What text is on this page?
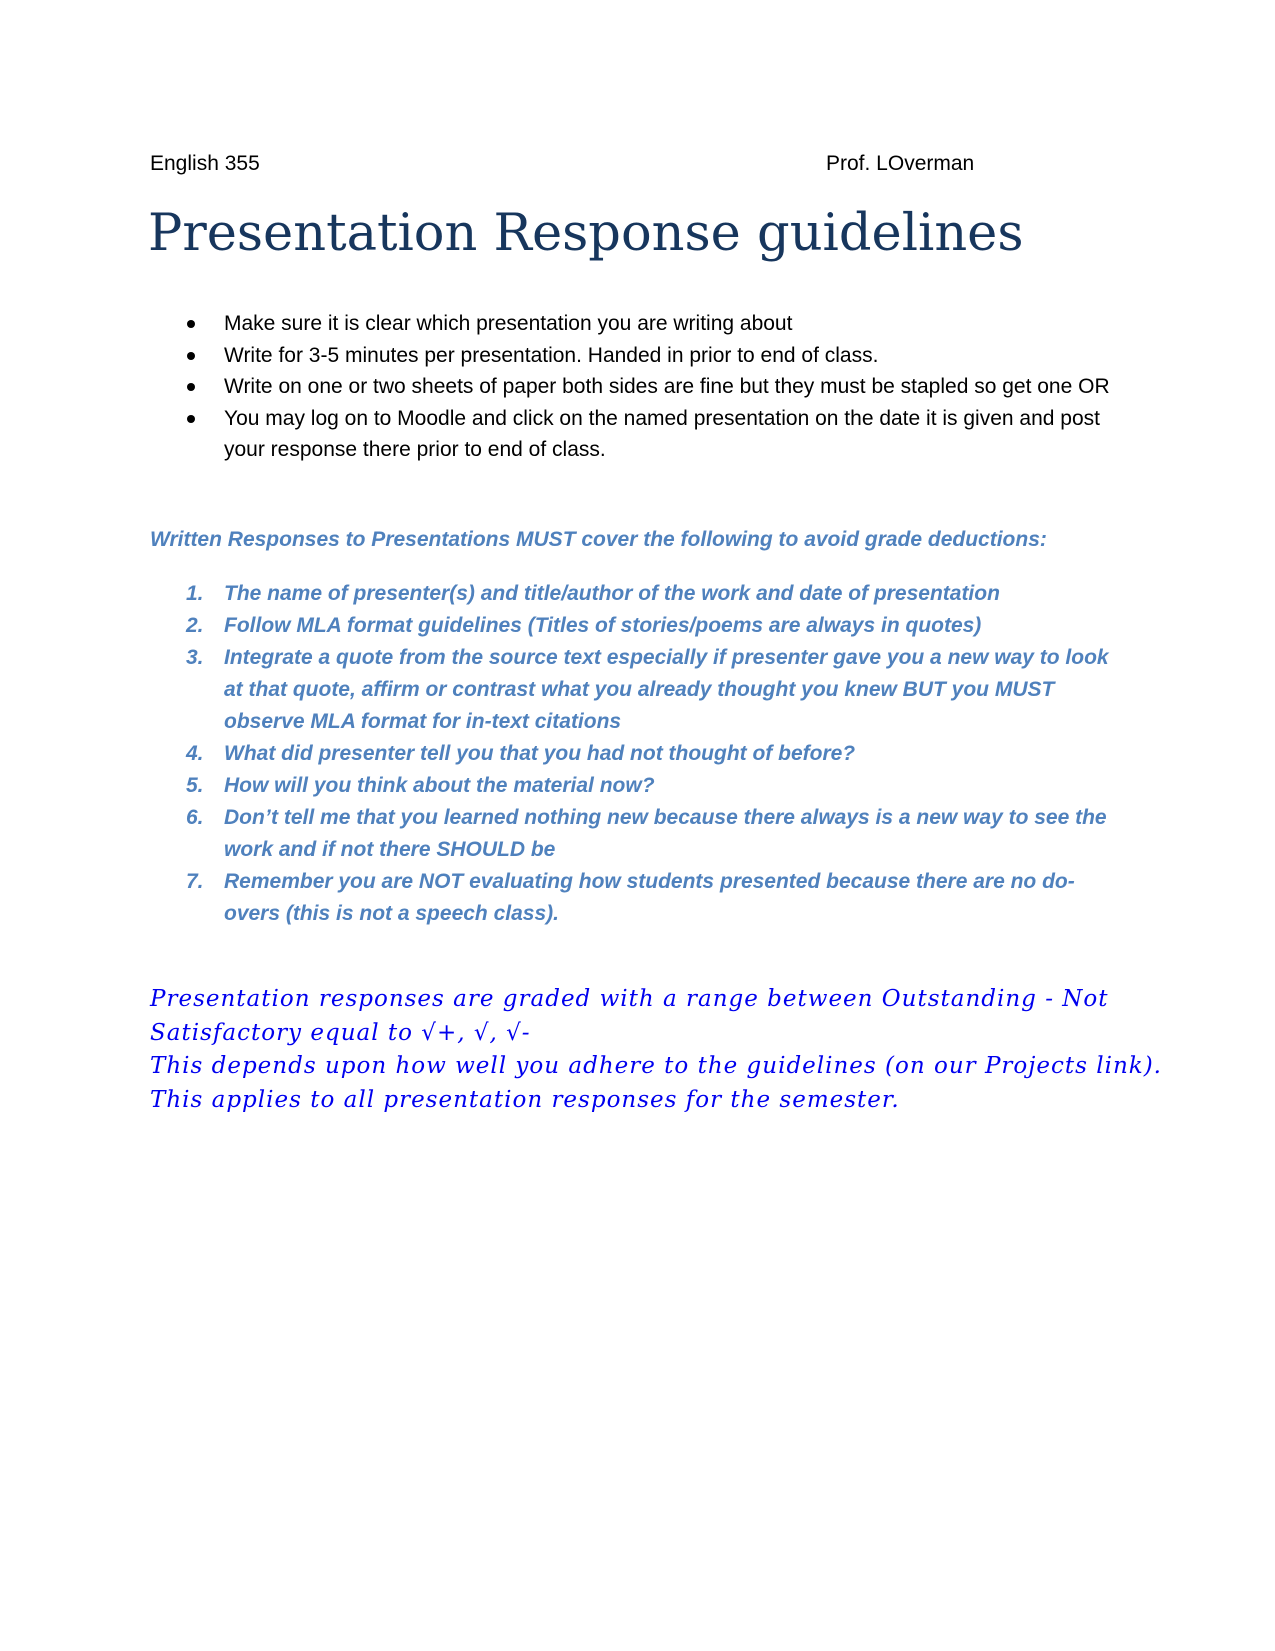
English 355	Prof. LOverman
Presentation Response guidelines
Make sure it is clear which presentation you are writing about
Write for 3-5 minutes per presentation. Handed in prior to end of class.
Write on one or two sheets of paper both sides are fine but they must be stapled so get one OR
You may log on to Moodle and click on the named presentation on the date it is given and post your response there prior to end of class.
Written Responses to Presentations MUST cover the following to avoid grade deductions:
1. The name of presenter(s) and title/author of the work and date of presentation
2. Follow MLA format guidelines (Titles of stories/poems are always in quotes)
3. Integrate a quote from the source text especially if presenter gave you a new way to look at that quote, affirm or contrast what you already thought you knew BUT you MUST observe MLA format for in-text citations
4. What did presenter tell you that you had not thought of before?
5. How will you think about the material now?
6. Don’t tell me that you learned nothing new because there always is a new way to see the work and if not there SHOULD be
7. Remember you are NOT evaluating how students presented because there are no do-overs (this is not a speech class).
Presentation responses are graded with a range between Outstanding - Not
Satisfactory equal to √+, √, √-
This depends upon how well you adhere to the guidelines (on our Projects link).
This applies to all presentation responses for the semester.
